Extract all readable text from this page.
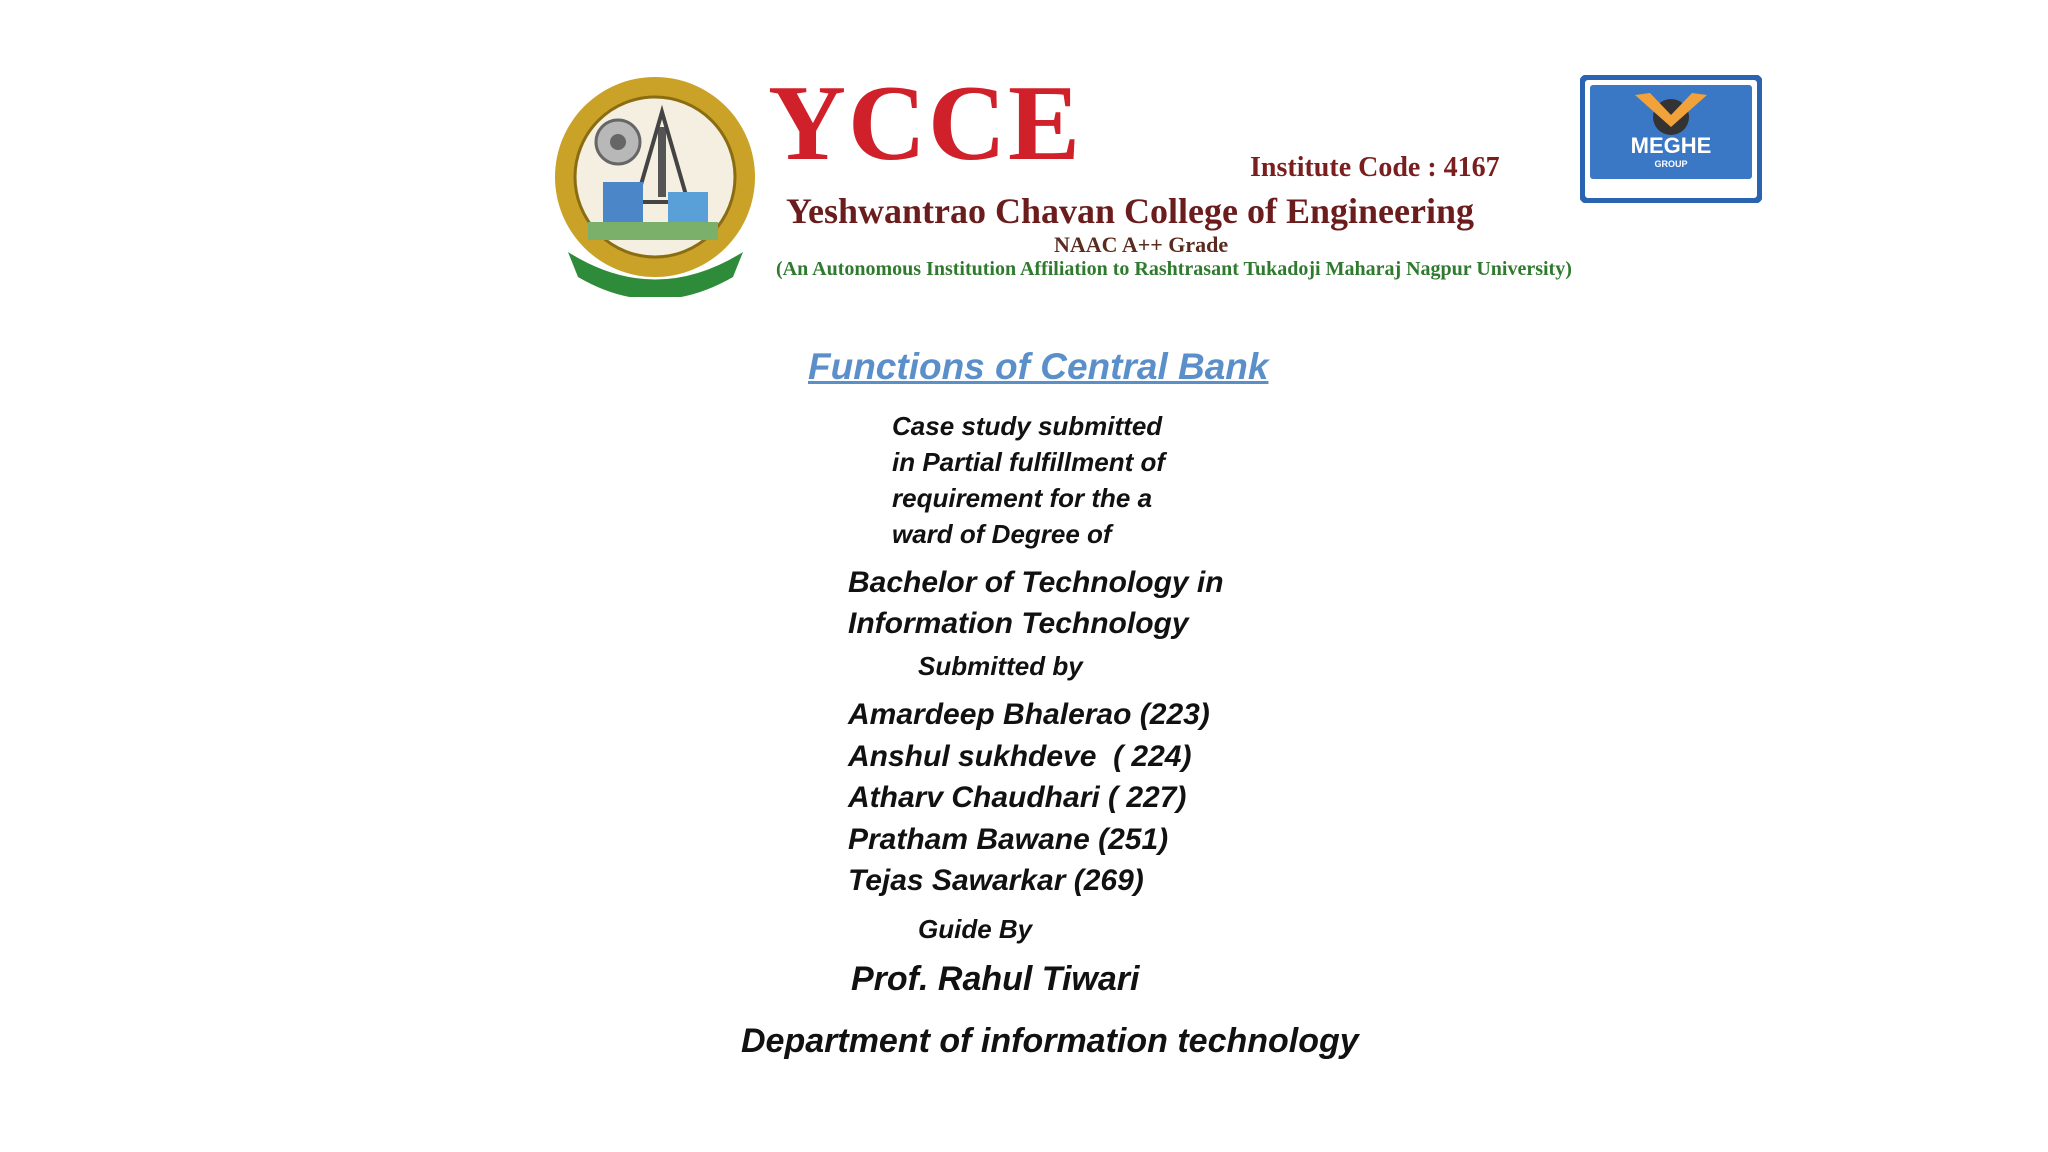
YCCE	Institute Code : 4167
Yeshwantrao Chavan College of Engineering
NAAC A++ Grade
(An Autonomous Institution Affiliation to Rashtrasant Tukadoji Maharaj Nagpur University)
MEGHE
GROUP
Functions of Central Bank
Case study submitted
in Partial fulfillment of
requirement for the a
ward of Degree of
Bachelor of Technology in
Information Technology
Submitted by
Amardeep Bhalerao (223)
Anshul sukhdeve  ( 224)
Atharv Chaudhari ( 227)
Pratham Bawane (251)
Tejas Sawarkar (269)
Guide By
Prof. Rahul Tiwari
Department of information technology
